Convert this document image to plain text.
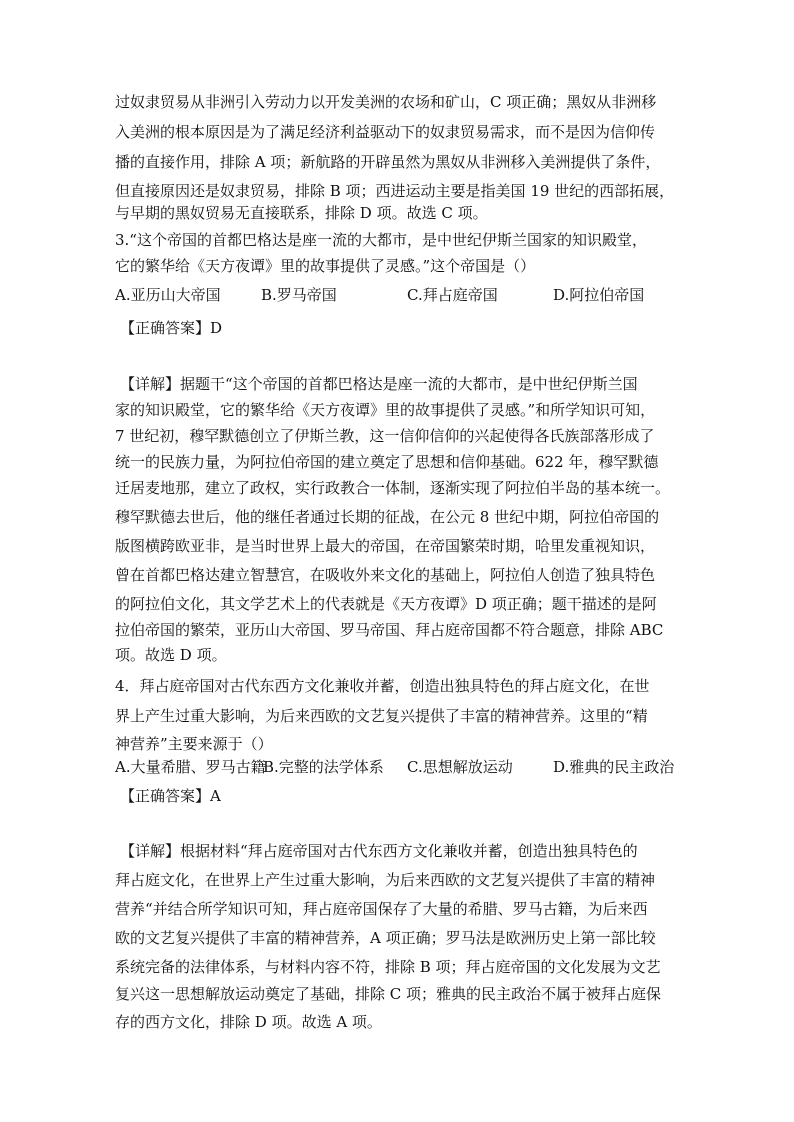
过奴隶贸易从非洲引入劳动力以开发美洲的农场和矿山，C 项正确；黑奴从非洲移
入美洲的根本原因是为了满足经济利益驱动下的奴隶贸易需求，而不是因为信仰传
播的直接作用，排除 A 项；新航路的开辟虽然为黑奴从非洲移入美洲提供了条件，
但直接原因还是奴隶贸易，排除 B 项；西进运动主要是指美国 19 世纪的西部拓展，
与早期的黑奴贸易无直接联系，排除 D 项。故选 C 项。
3.“这个帝国的首都巴格达是座一流的大都市，是中世纪伊斯兰国家的知识殿堂，
它的繁华给《天方夜谭》里的故事提供了灵感。”这个帝国是（）
A.亚历山大帝国	B.罗马帝国	C.拜占庭帝国	D.阿拉伯帝国
【正确答案】D
【详解】据题干“这个帝国的首都巴格达是座一流的大都市，是中世纪伊斯兰国
家的知识殿堂，它的繁华给《天方夜谭》里的故事提供了灵感。”和所学知识可知，
7 世纪初，穆罕默德创立了伊斯兰教，这一信仰信仰的兴起使得各氏族部落形成了
统一的民族力量，为阿拉伯帝国的建立奠定了思想和信仰基础。622 年，穆罕默德
迁居麦地那，建立了政权，实行政教合一体制，逐渐实现了阿拉伯半岛的基本统一。
穆罕默德去世后，他的继任者通过长期的征战，在公元 8 世纪中期，阿拉伯帝国的
版图横跨欧亚非，是当时世界上最大的帝国，在帝国繁荣时期，哈里发重视知识，
曾在首都巴格达建立智慧宫，在吸收外来文化的基础上，阿拉伯人创造了独具特色
的阿拉伯文化，其文学艺术上的代表就是《天方夜谭》D 项正确；题干描述的是阿
拉伯帝国的繁荣，亚历山大帝国、罗马帝国、拜占庭帝国都不符合题意，排除 ABC
项。故选 D 项。
4．拜占庭帝国对古代东西方文化兼收并蓄，创造出独具特色的拜占庭文化，在世
界上产生过重大影响，为后来西欧的文艺复兴提供了丰富的精神营养。这里的“精
神营养”主要来源于（）
A.大量希腊、罗马古籍
B.完整的法学体系 C.思想解放运动	D.雅典的民主政治
【正确答案】A
【详解】根据材料“拜占庭帝国对古代东西方文化兼收并蓄，创造出独具特色的
拜占庭文化，在世界上产生过重大影响，为后来西欧的文艺复兴提供了丰富的精神
营养“并结合所学知识可知，拜占庭帝国保存了大量的希腊、罗马古籍，为后来西
欧的文艺复兴提供了丰富的精神营养，A 项正确；罗马法是欧洲历史上第一部比较
系统完备的法律体系，与材料内容不符，排除 B 项；拜占庭帝国的文化发展为文艺
复兴这一思想解放运动奠定了基础，排除 C 项；雅典的民主政治不属于被拜占庭保
存的西方文化，排除 D 项。故选 A 项。
